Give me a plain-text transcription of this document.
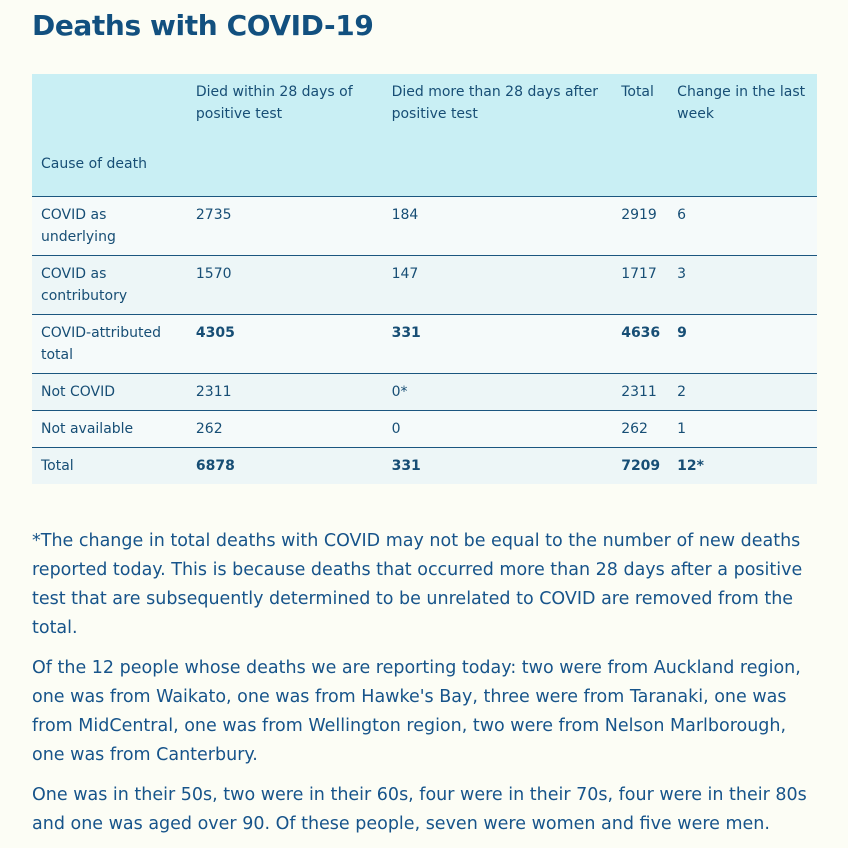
Deaths with COVID-19
Cause of death	Died within 28 days of positive test	Died more than 28 days after positive test	Total	Change in the last week
COVID as underlying	2735	184	2919	6
COVID as contributory	1570	147	1717	3
COVID-attributed total	4305	331	4636	9
Not COVID	2311	0*	2311	2
Not available	262	0	262	1
Total	6878	331	7209	12*

*The change in total deaths with COVID may not be equal to the number of new deaths reported today. This is because deaths that occurred more than 28 days after a positive test that are subsequently determined to be unrelated to COVID are removed from the total.

Of the 12 people whose deaths we are reporting today: two were from Auckland region, one was from Waikato, one was from Hawke's Bay, three were from Taranaki, one was from MidCentral, one was from Wellington region, two were from Nelson Marlborough, one was from Canterbury.

One was in their 50s, two were in their 60s, four were in their 70s, four were in their 80s and one was aged over 90. Of these people, seven were women and five were men.
